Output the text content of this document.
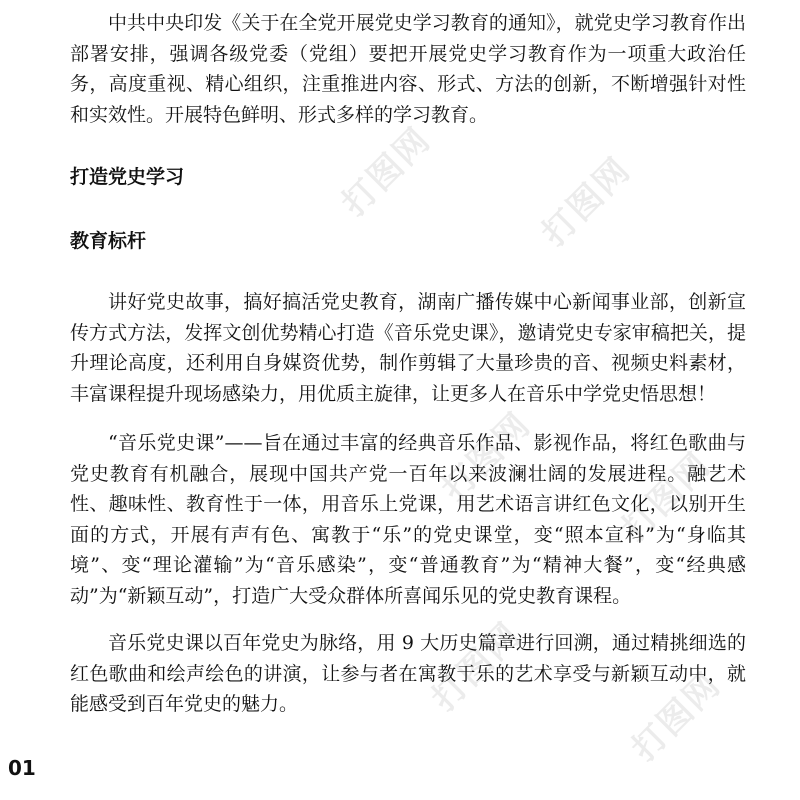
打图网	打图网
打图网 打图网
打图网	打图网

中共中央印发《关于在全党开展党史学习教育的通知》，就党史学习教育作出部署安排，强调各级党委（党组）要把开展党史学习教育作为一项重大政治任务，高度重视、精心组织，注重推进内容、形式、方法的创新，不断增强针对性和实效性。开展特色鲜明、形式多样的学习教育。

打造党史学习
教育标杆

讲好党史故事，搞好搞活党史教育，湖南广播传媒中心新闻事业部，创新宣传方式方法，发挥文创优势精心打造《音乐党史课》，邀请党史专家审稿把关，提升理论高度，还利用自身媒资优势，制作剪辑了大量珍贵的音、视频史料素材，丰富课程提升现场感染力，用优质主旋律，让更多人在音乐中学党史悟思想！

“音乐党史课”——旨在通过丰富的经典音乐作品、影视作品，将红色歌曲与党史教育有机融合，展现中国共产党一百年以来波澜壮阔的发展进程。融艺术性、趣味性、教育性于一体，用音乐上党课，用艺术语言讲红色文化，以别开生面的方式，开展有声有色、寓教于“乐”的党史课堂，变“照本宣科”为“身临其境”、变“理论灌输”为“音乐感染”，变“普通教育”为“精神大餐”，变“经典感动”为“新颖互动”，打造广大受众群体所喜闻乐见的党史教育课程。

音乐党史课以百年党史为脉络，用 9 大历史篇章进行回溯，通过精挑细选的红色歌曲和绘声绘色的讲演，让参与者在寓教于乐的艺术享受与新颖互动中，就能感受到百年党史的魅力。

01
